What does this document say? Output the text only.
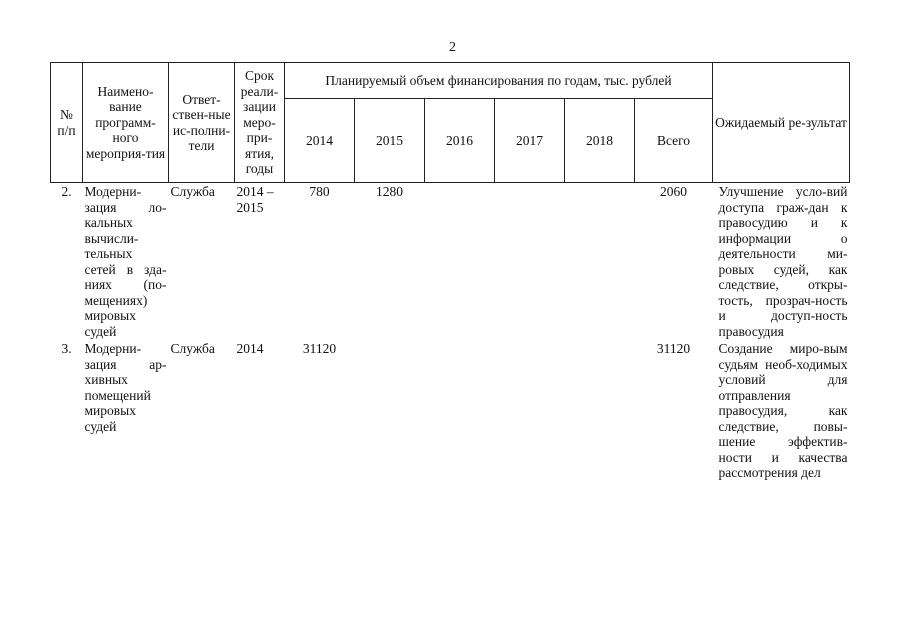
2
№ п/п	Наимено-вание программ-ного мероприя-тия	Ответ-ствен-ные ис-полни-тели	Срок реали-зации меро-при-ятия, годы	Планируемый объем финансирования по годам, тыс. рублей						Ожидаемый ре-зультат
				2014	2015	2016	2017	2018	Всего	
2.	Модерни-зация ло-кальных вычисли-тельных сетей в зда-ниях (по-мещениях) мировых судей	Служба	2014 – 2015	780	1280				2060	Улучшение усло-вий доступа граж-дан к правосудию и к информации о деятельности ми-ровых судей, как следствие, откры-тость, прозрач-ность и доступ-ность правосудия
3.	Модерни-зация ар-хивных помещений мировых судей	Служба	2014	31120					31120	Создание миро-вым судьям необ-ходимых условий для отправления правосудия, как следствие, повы-шение эффектив-ности и качества рассмотрения дел
